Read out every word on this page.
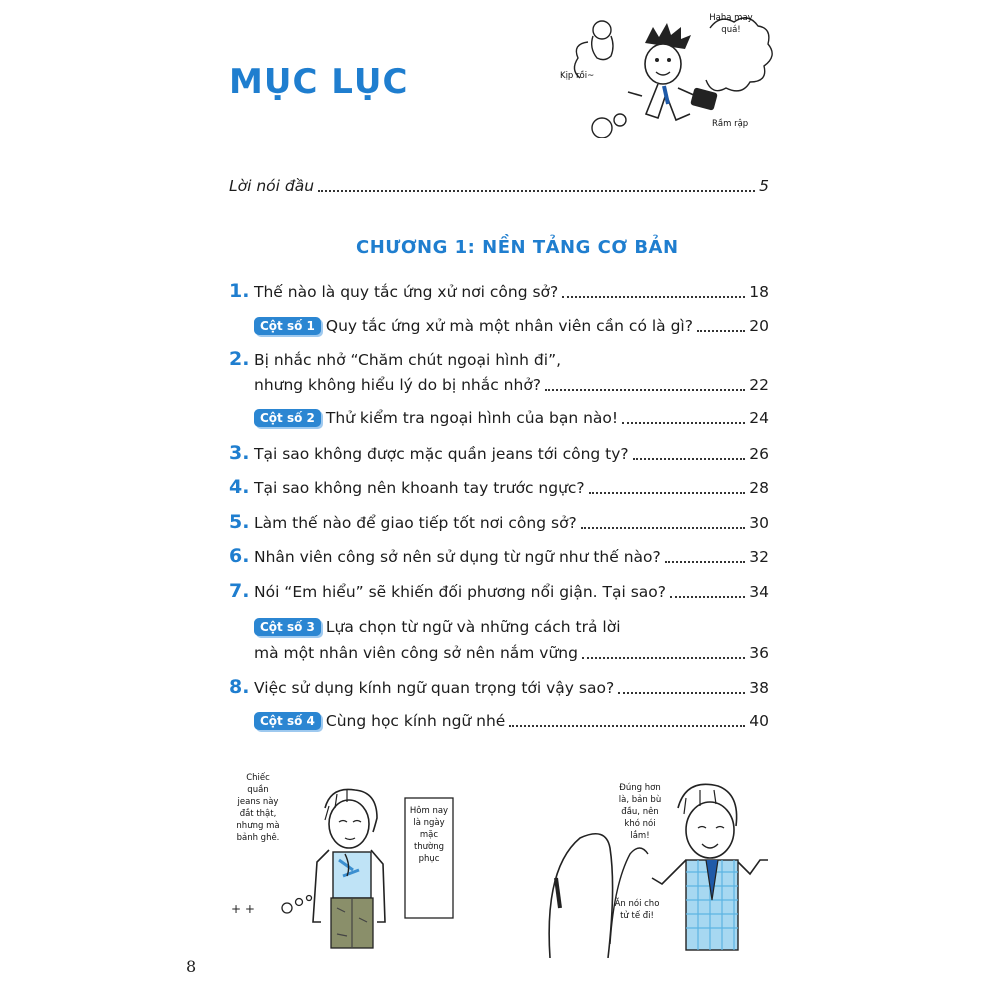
MỤC LỤC
Haha may quá!
Kịp rồi~
Rầm rập
Lời nói đầu	5
CHƯƠNG 1: NỀN TẢNG CƠ BẢN
1. Thế nào là quy tắc ứng xử nơi công sở?	18
Cột số 1 Quy tắc ứng xử mà một nhân viên cần có là gì?	20
2. Bị nhắc nhở “Chăm chút ngoại hình đi”,
nhưng không hiểu lý do bị nhắc nhở?	22
Cột số 2 Thử kiểm tra ngoại hình của bạn nào!	24
3. Tại sao không được mặc quần jeans tới công ty?	26
4. Tại sao không nên khoanh tay trước ngực?	28
5. Làm thế nào để giao tiếp tốt nơi công sở?	30
6. Nhân viên công sở nên sử dụng từ ngữ như thế nào?	32
7. Nói “Em hiểu” sẽ khiến đối phương nổi giận. Tại sao?	34
Cột số 3 Lựa chọn từ ngữ và những cách trả lời
mà một nhân viên công sở nên nắm vững	36
8. Việc sử dụng kính ngữ quan trọng tới vậy sao?	38
Cột số 4 Cùng học kính ngữ nhé	40
+ +
Chiếc quần jeans này đắt thật, nhưng mà bảnh ghê.
Hôm nay là ngày mặc thường phục
Đúng hơn là, bản bù đầu, nên khó nói lắm!
Ăn nói cho tử tế đi!
8
